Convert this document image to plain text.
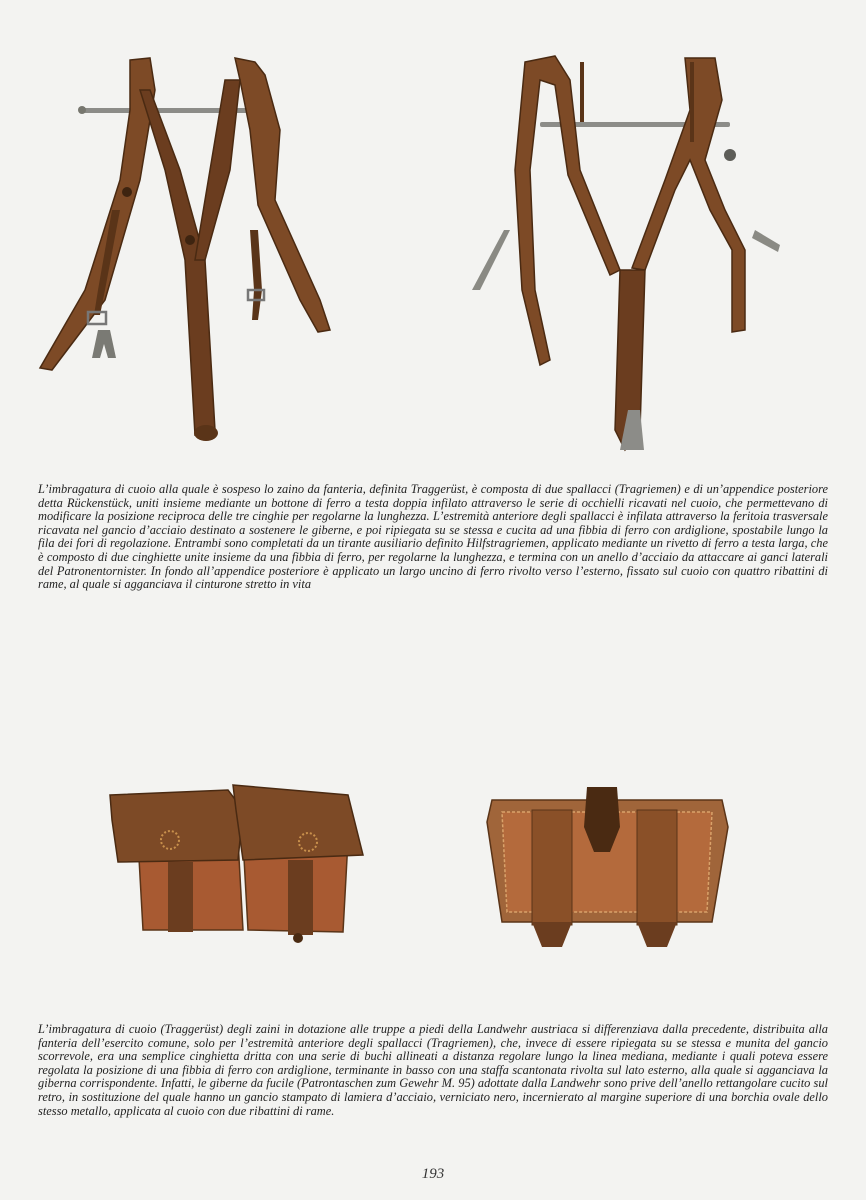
L’imbragatura di cuoio alla quale è sospeso lo zaino da fanteria, definita Traggerüst, è composta di due spallacci (Tragriemen) e di un’appendice posteriore detta Rückenstück, uniti insieme mediante un bottone di ferro a testa doppia infilato attraverso le serie di occhielli ricavati nel cuoio, che permettevano di modificare la posizione reciproca delle tre cinghie per regolarne la lunghezza. L’estremità anteriore degli spallacci è infilata attraverso la feritoia trasversale ricavata nel gancio d’acciaio destinato a sostenere le giberne, e poi ripiegata su se stessa e cucita ad una fibbia di ferro con ardiglione, spostabile lungo la fila dei fori di regolazione. Entrambi sono completati da un tirante ausiliario definito Hilfstragriemen, applicato mediante un rivetto di ferro a testa larga, che è composto di due cinghiette unite insieme da una fibbia di ferro, per regolarne la lunghezza, e termina con un anello d’acciaio da attaccare ai ganci laterali del Patronentornister. In fondo all’appendice posteriore è applicato un largo uncino di ferro rivolto verso l’esterno, fissato sul cuoio con quattro ribattini di rame, al quale si agganciava il cinturone stretto in vita

L’imbragatura di cuoio (Traggerüst) degli zaini in dotazione alle truppe a piedi della Landwehr austriaca si differenziava dalla precedente, distribuita alla fanteria dell’esercito comune, solo per l’estremità anteriore degli spallacci (Tragriemen), che, invece di essere ripiegata su se stessa e munita del gancio scorrevole, era una semplice cinghietta dritta con una serie di buchi allineati a distanza regolare lungo la linea mediana, mediante i quali poteva essere regolata la posizione di una fibbia di ferro con ardiglione, terminante in basso con una staffa scantonata rivolta sul lato esterno, alla quale si agganciava la giberna corrispondente. Infatti, le giberne da fucile (Patrontaschen zum Gewehr M. 95) adottate dalla Landwehr sono prive dell’anello rettangolare cucito sul retro, in sostituzione del quale hanno un gancio stampato di lamiera d’acciaio, verniciato nero, incernierato al margine superiore di una borchia ovale dello stesso metallo, applicata al cuoio con due ribattini di rame.

193
